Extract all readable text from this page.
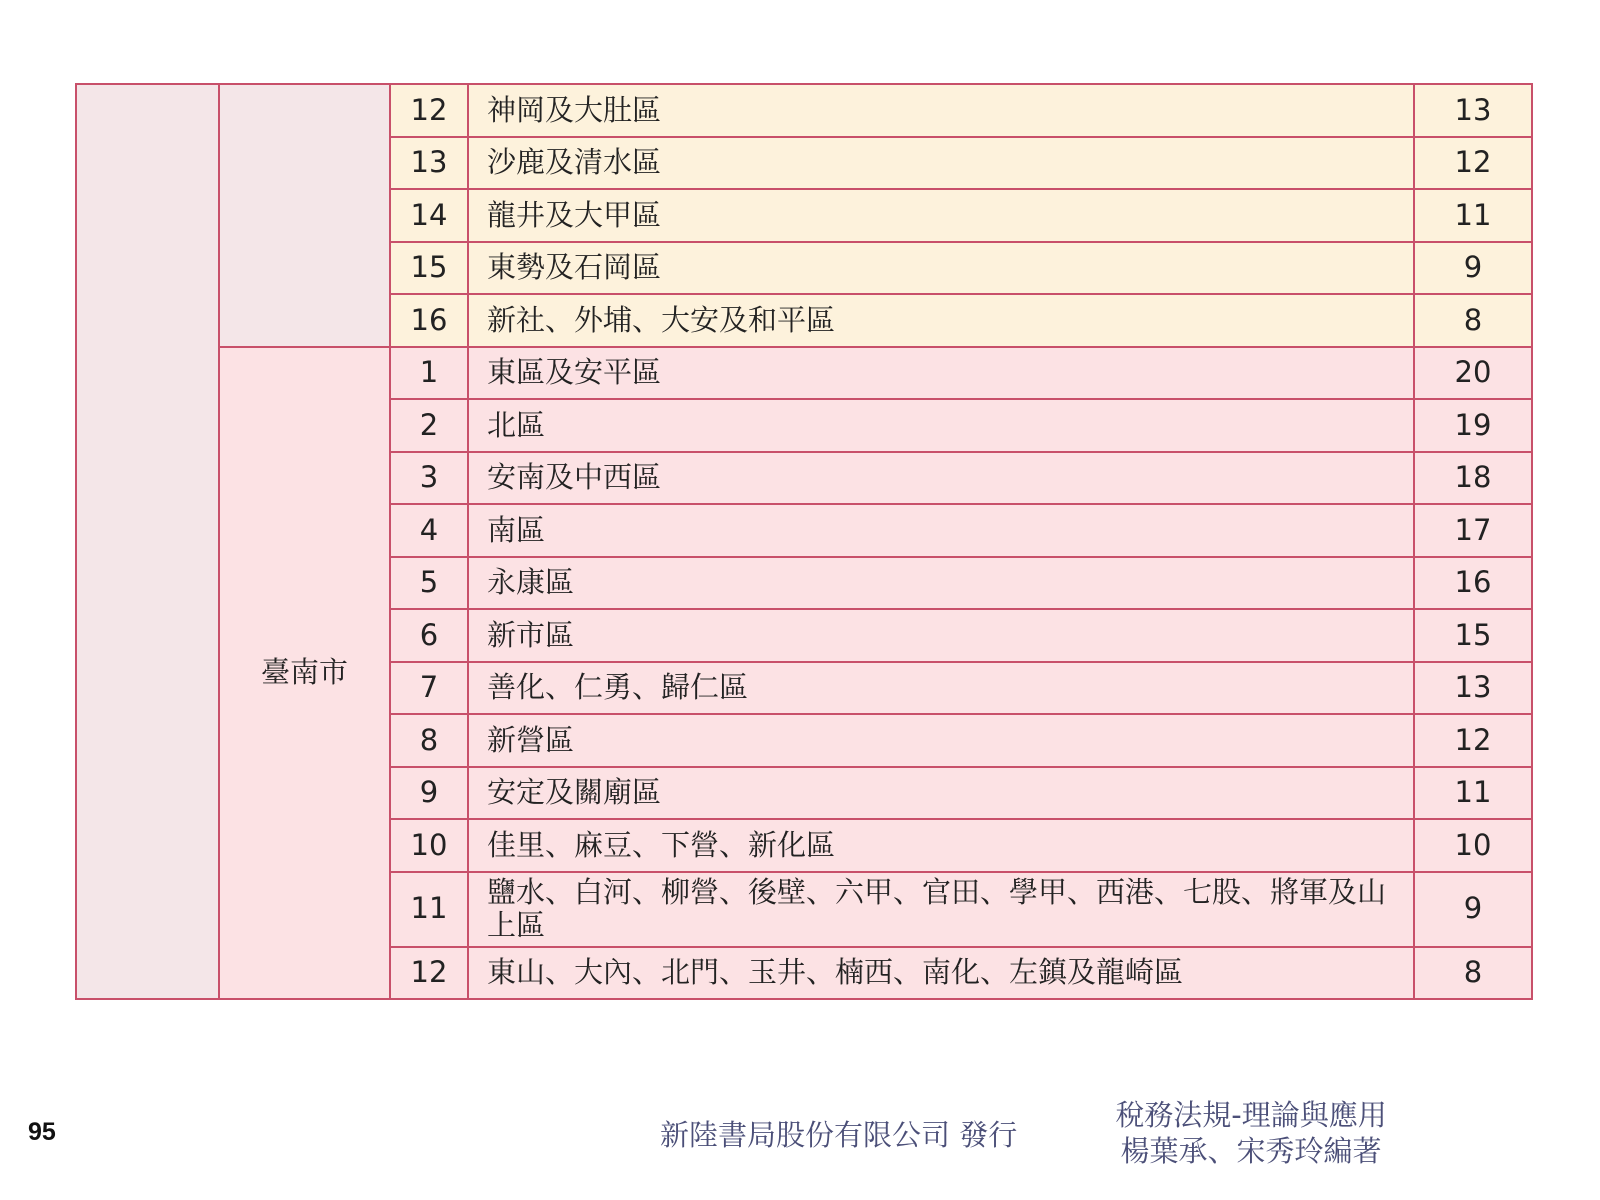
		12	神岡及大肚區	13
		13	沙鹿及清水區	12
		14	龍井及大甲區	11
		15	東勢及石岡區	9
		16	新社、外埔、大安及和平區	8
	臺南市	1	東區及安平區	20
		2	北區	19
		3	安南及中西區	18
		4	南區	17
		5	永康區	16
		6	新市區	15
		7	善化、仁勇、歸仁區	13
		8	新營區	12
		9	安定及關廟區	11
		10	佳里、麻豆、下營、新化區	10
		11	鹽水、白河、柳營、後壁、六甲、官田、學甲、西港、七股、將軍及山上區	9
		12	東山、大內、北門、玉井、楠西、南化、左鎮及龍崎區	8
95	新陸書局股份有限公司 發行
稅務法規-理論與應用
楊葉承、宋秀玲編著
